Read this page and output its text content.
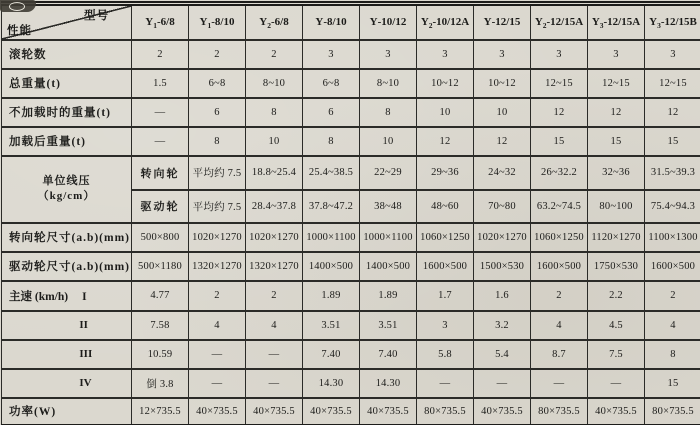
型号
性能	$Y_1-6/8$	$Y_1-8/10$	$Y_2-6/8$	Y-8/10	Y-10/12	$Y_2-10/12A$	Y-12/15	$Y_2-12/15A$	$Y_3-12/15A$	$Y_3-12/15B$	
滚轮数	2	2	2	3	3	3	3	3	3	3	
总重量(t)	1.5	6~8	8~10	6~8	8~10	10~12	10~12	12~15	12~15	12~15	
不加载时的重量(t)	—	6	8	6	8	10	10	12	12	12	
加载后重量(t)	—	8	10	8	10	12	12	15	15	15	

单位线压
（kg/cm）	转向轮	平均约 7.5	18.8~25.4	25.4~38.5	22~29	29~36	24~32	26~32.2	32~36	31.5~39.3	
	驱动轮	平均约 7.5	28.4~37.8	37.8~47.2	38~48	48~60	70~80	63.2~74.5	80~100	75.4~94.3	
转向轮尺寸(a.b)(mm)	500×800	1020×1270	1020×1270	1000×1100	1000×1100	1060×1250	1020×1270	1060×1250	1120×1270	1100×1300	
驱动轮尺寸(a.b)(mm)	500×1180	1320×1270	1320×1270	1400×500	1400×500	1600×500	1500×530	1600×500	1750×530	1600×500	
主速 (km/h) I	4.77	2	2	1.89	1.89	1.7	1.6	2	2.2	2	
II	7.58	4	4	3.51	3.51	3	3.2	4	4.5	4	
III	10.59	—	—	7.40	7.40	5.8	5.4	8.7	7.5	8	
IV	倒 3.8	—	—	14.30	14.30	—	—	—	—	15	
功率(W)	12×735.5	40×735.5	40×735.5	40×735.5	40×735.5	80×735.5	40×735.5	80×735.5	40×735.5	80×735.5	
